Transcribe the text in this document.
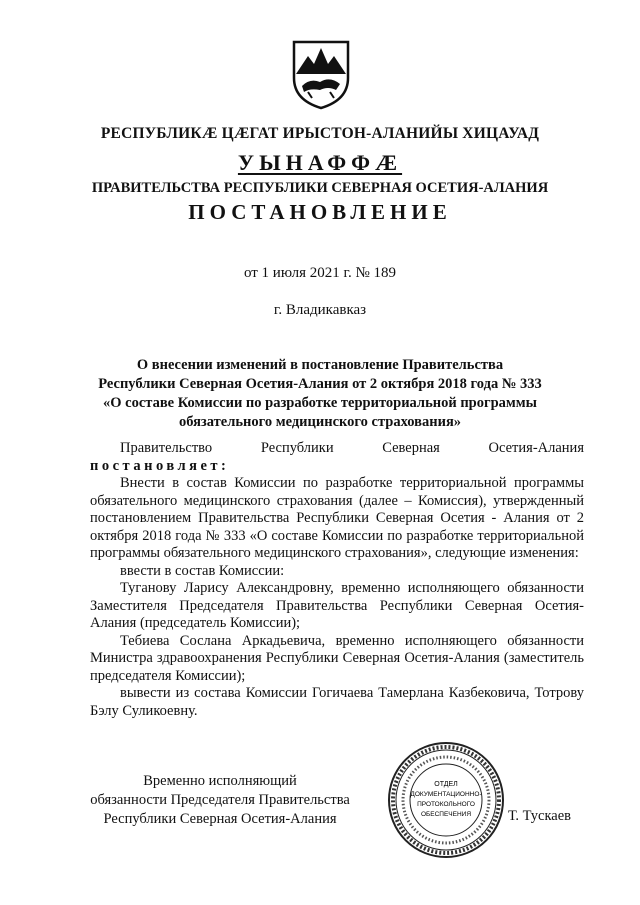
РЕСПУБЛИКӔ ЦӔГАТ ИРЫСТОН-АЛАНИЙЫ ХИЦАУАД
УЫНАФФӔ
ПРАВИТЕЛЬСТВА РЕСПУБЛИКИ СЕВЕРНАЯ ОСЕТИЯ-АЛАНИЯ
ПОСТАНОВЛЕНИЕ
от 1 июля 2021 г. № 189
г. Владикавказ
О внесении изменений в постановление Правительства
Республики Северная Осетия-Алания от 2 октября 2018 года № 333
«О составе Комиссии по разработке территориальной программы
обязательного медицинского страхования»

Правительство Республики Северная Осетия-Алания

постановляет:

Внести в состав Комиссии по разработке территориальной программы обязательного медицинского страхования (далее – Комиссия), утвержденный постановлением Правительства Республики Северная Осетия - Алания от 2 октября 2018 года № 333 «О составе Комиссии по разработке территориальной программы обязательного медицинского страхования», следующие изменения:

ввести в состав Комиссии:

Туганову Ларису Александровну, временно исполняющего обязанности Заместителя Председателя Правительства Республики Северная Осетия-Алания (председатель Комиссии);

Тебиева Сослана Аркадьевича, временно исполняющего обязанности Министра здравоохранения Республики Северная Осетия-Алания (заместитель председателя Комиссии);

вывести из состава Комиссии Гогичаева Тамерлана Казбековича, Тотрову Бэлу Суликоевну.

Временно исполняющий
обязанности Председателя Правительства
Республики Северная Осетия-Алания
ОТДЕЛ
ДОКУМЕНТАЦИОННО-
ПРОТОКОЛЬНОГО
ОБЕСПЕЧЕНИЯ	Т. Тускаев
